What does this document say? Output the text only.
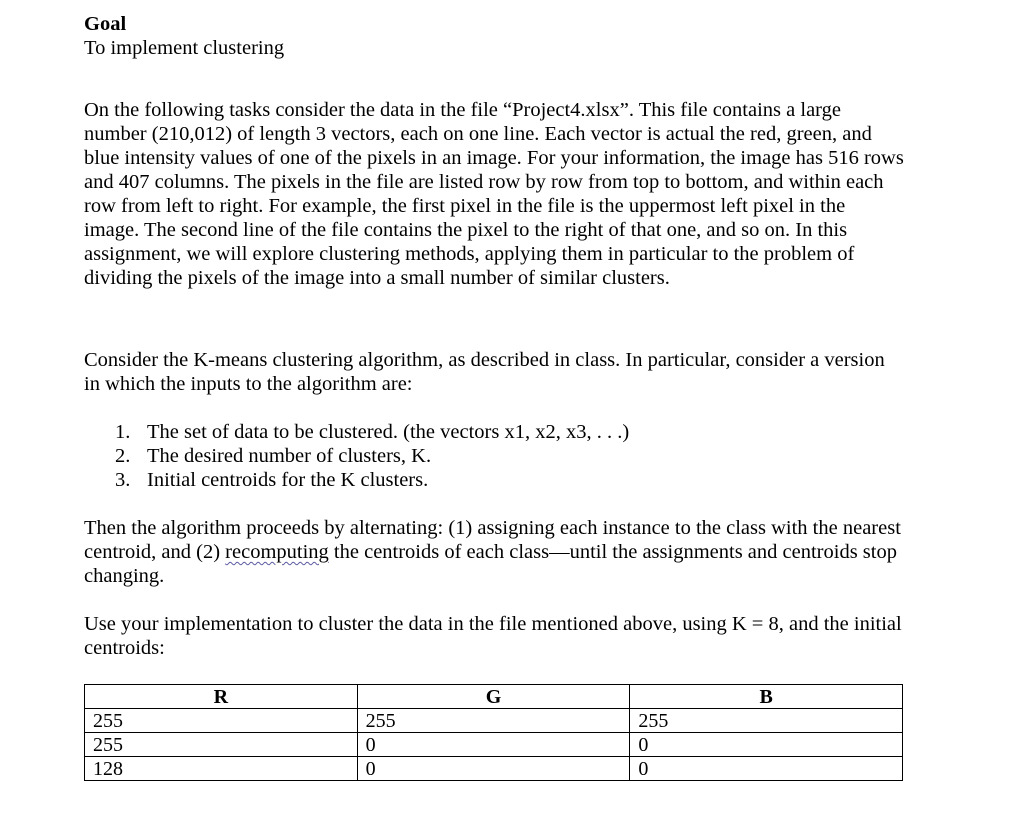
Goal

To implement clustering

On the following tasks consider the data in the file “Project4.xlsx”. This file contains a large number (210,012) of length 3 vectors, each on one line. Each vector is actual the red, green, and blue intensity values of one of the pixels in an image. For your information, the image has 516 rows and 407 columns. The pixels in the file are listed row by row from top to bottom, and within each row from left to right. For example, the first pixel in the file is the uppermost left pixel in the image. The second line of the file contains the pixel to the right of that one, and so on. In this assignment, we will explore clustering methods, applying them in particular to the problem of dividing the pixels of the image into a small number of similar clusters.

Consider the K-means clustering algorithm, as described in class. In particular, consider a version in which the inputs to the algorithm are:

1. The set of data to be clustered. (the vectors x1, x2, x3, . . .)
2. The desired number of clusters, K.
3. Initial centroids for the K clusters.

Then the algorithm proceeds by alternating: (1) assigning each instance to the class with the nearest centroid, and (2) recomputing the centroids of each class—until the assignments and centroids stop changing.

Use your implementation to cluster the data in the file mentioned above, using K = 8, and the initial centroids:

R	G	B
255	255	255
255	0	0
128	0	0
